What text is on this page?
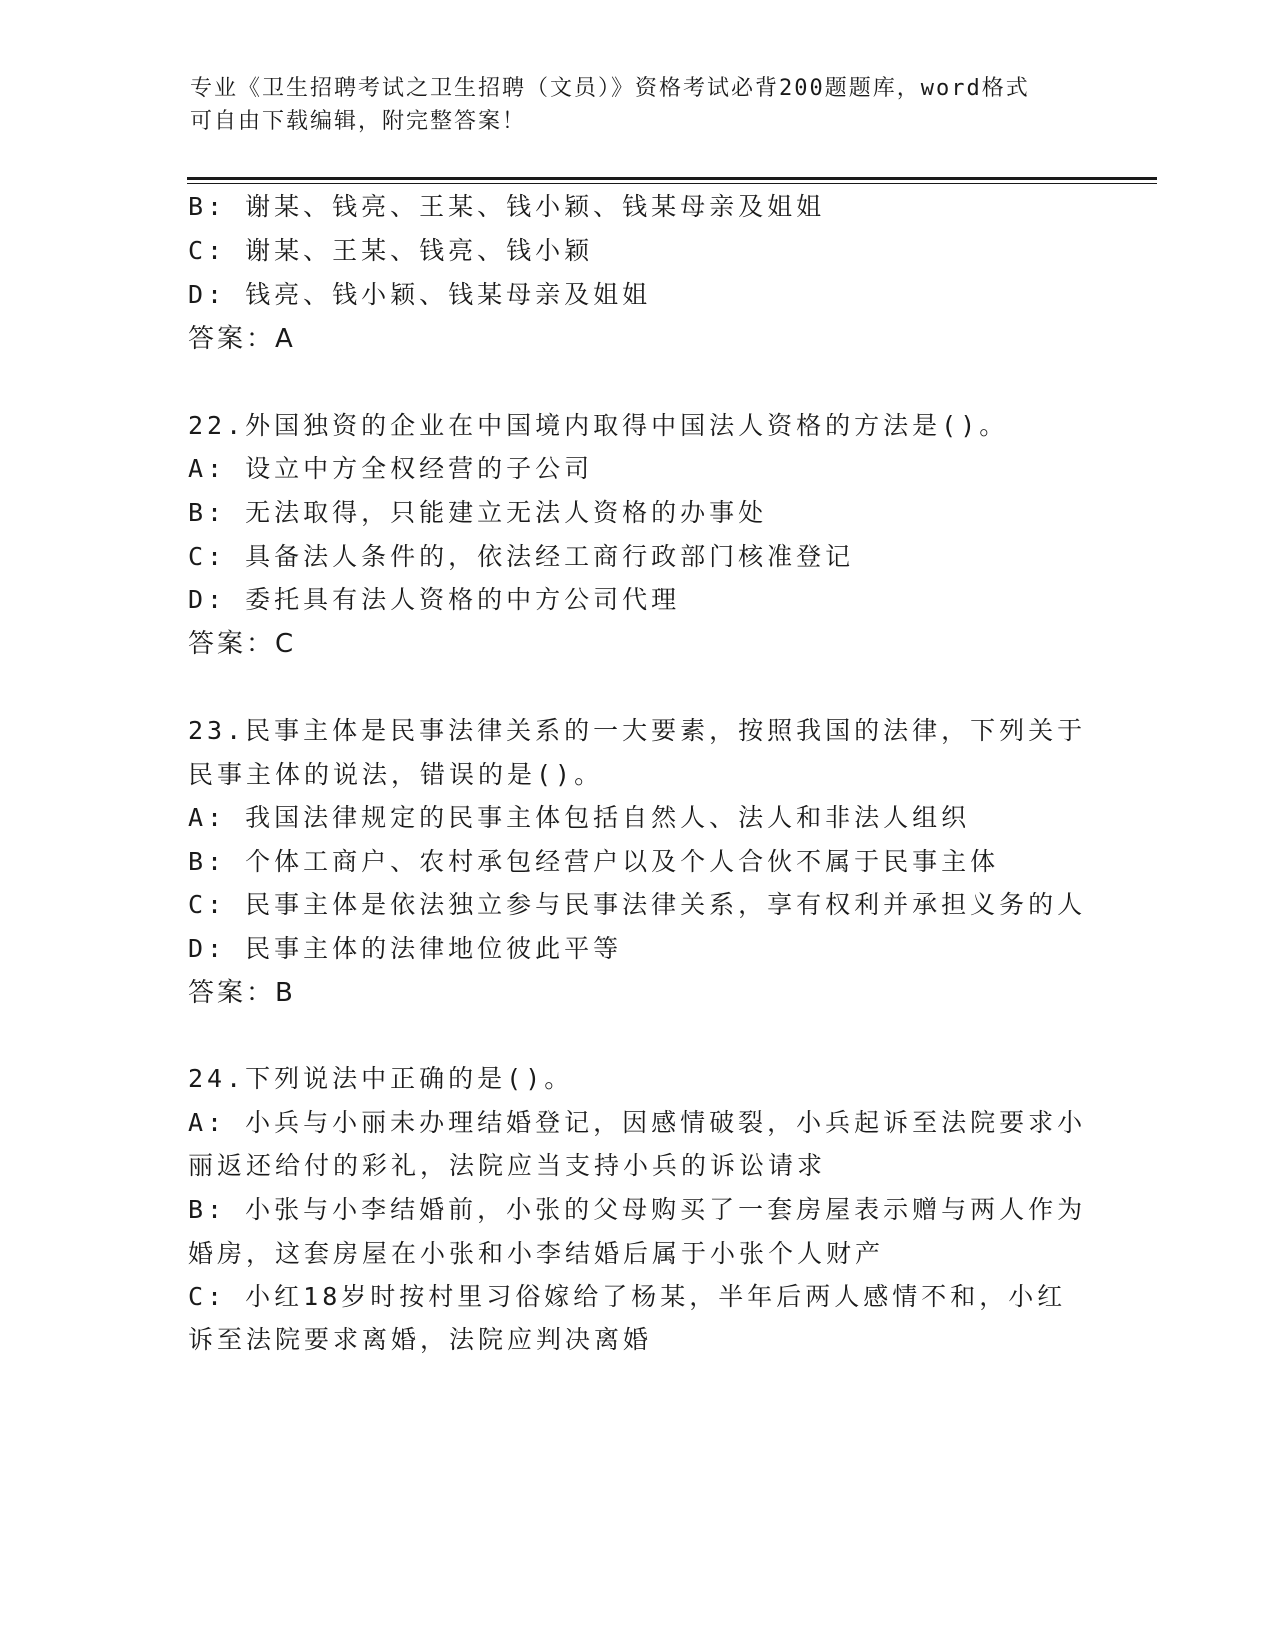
专业《卫生招聘考试之卫生招聘（文员）》资格考试必背200题题库，word格式
可自由下载编辑，附完整答案！
B: 谢某、钱亮、王某、钱小颖、钱某母亲及姐姐
C: 谢某、王某、钱亮、钱小颖
D: 钱亮、钱小颖、钱某母亲及姐姐
答案：A
22.外国独资的企业在中国境内取得中国法人资格的方法是()。
A: 设立中方全权经营的子公司
B: 无法取得，只能建立无法人资格的办事处
C: 具备法人条件的，依法经工商行政部门核准登记
D: 委托具有法人资格的中方公司代理
答案：C
23.民事主体是民事法律关系的一大要素，按照我国的法律，下列关于
民事主体的说法，错误的是()。
A: 我国法律规定的民事主体包括自然人、法人和非法人组织
B: 个体工商户、农村承包经营户以及个人合伙不属于民事主体
C: 民事主体是依法独立参与民事法律关系，享有权利并承担义务的人
D: 民事主体的法律地位彼此平等
答案：B
24.下列说法中正确的是()。
A: 小兵与小丽未办理结婚登记，因感情破裂，小兵起诉至法院要求小
丽返还给付的彩礼，法院应当支持小兵的诉讼请求
B: 小张与小李结婚前，小张的父母购买了一套房屋表示赠与两人作为
婚房，这套房屋在小张和小李结婚后属于小张个人财产
C: 小红18岁时按村里习俗嫁给了杨某，半年后两人感情不和，小红
诉至法院要求离婚，法院应判决离婚
